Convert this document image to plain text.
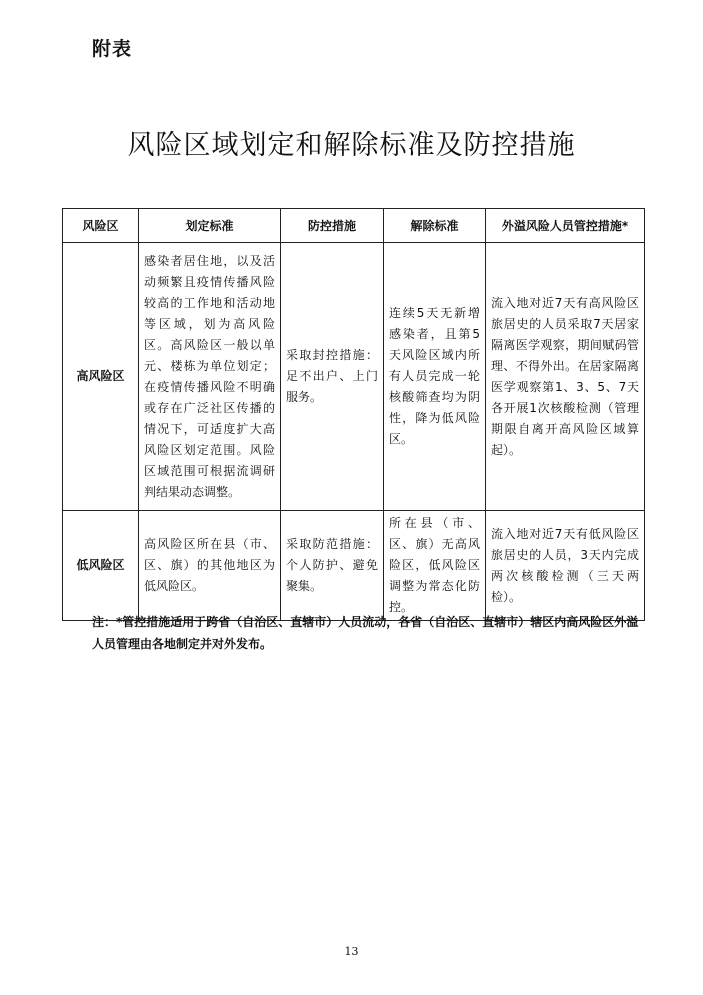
附表
风险区域划定和解除标准及防控措施
风险区	划定标准	防控措施	解除标准	外溢风险人员管控措施*
高风险区	感染者居住地，以及活动频繁且疫情传播风险较高的工作地和活动地等区域，划为高风险区。高风险区一般以单元、楼栋为单位划定；在疫情传播风险不明确或存在广泛社区传播的情况下，可适度扩大高风险区划定范围。风险区域范围可根据流调研判结果动态调整。	采取封控措施：足不出户、上门服务。	连续5天无新增感染者，且第5天风险区域内所有人员完成一轮核酸筛查均为阴性，降为低风险区。	流入地对近7天有高风险区旅居史的人员采取7天居家隔离医学观察，期间赋码管理、不得外出。在居家隔离医学观察第1、3、5、7天各开展1次核酸检测（管理期限自离开高风险区域算起）。
低风险区	高风险区所在县（市、区、旗）的其他地区为低风险区。	采取防范措施：个人防护、避免聚集。	所在县（市、区、旗）无高风险区，低风险区调整为常态化防控。	流入地对近7天有低风险区旅居史的人员，3天内完成两次核酸检测（三天两检）。
注：*管控措施适用于跨省（自治区、直辖市）人员流动，各省（自治区、直辖市）辖区内高风险区外溢人员管理由各地制定并对外发布。
13
